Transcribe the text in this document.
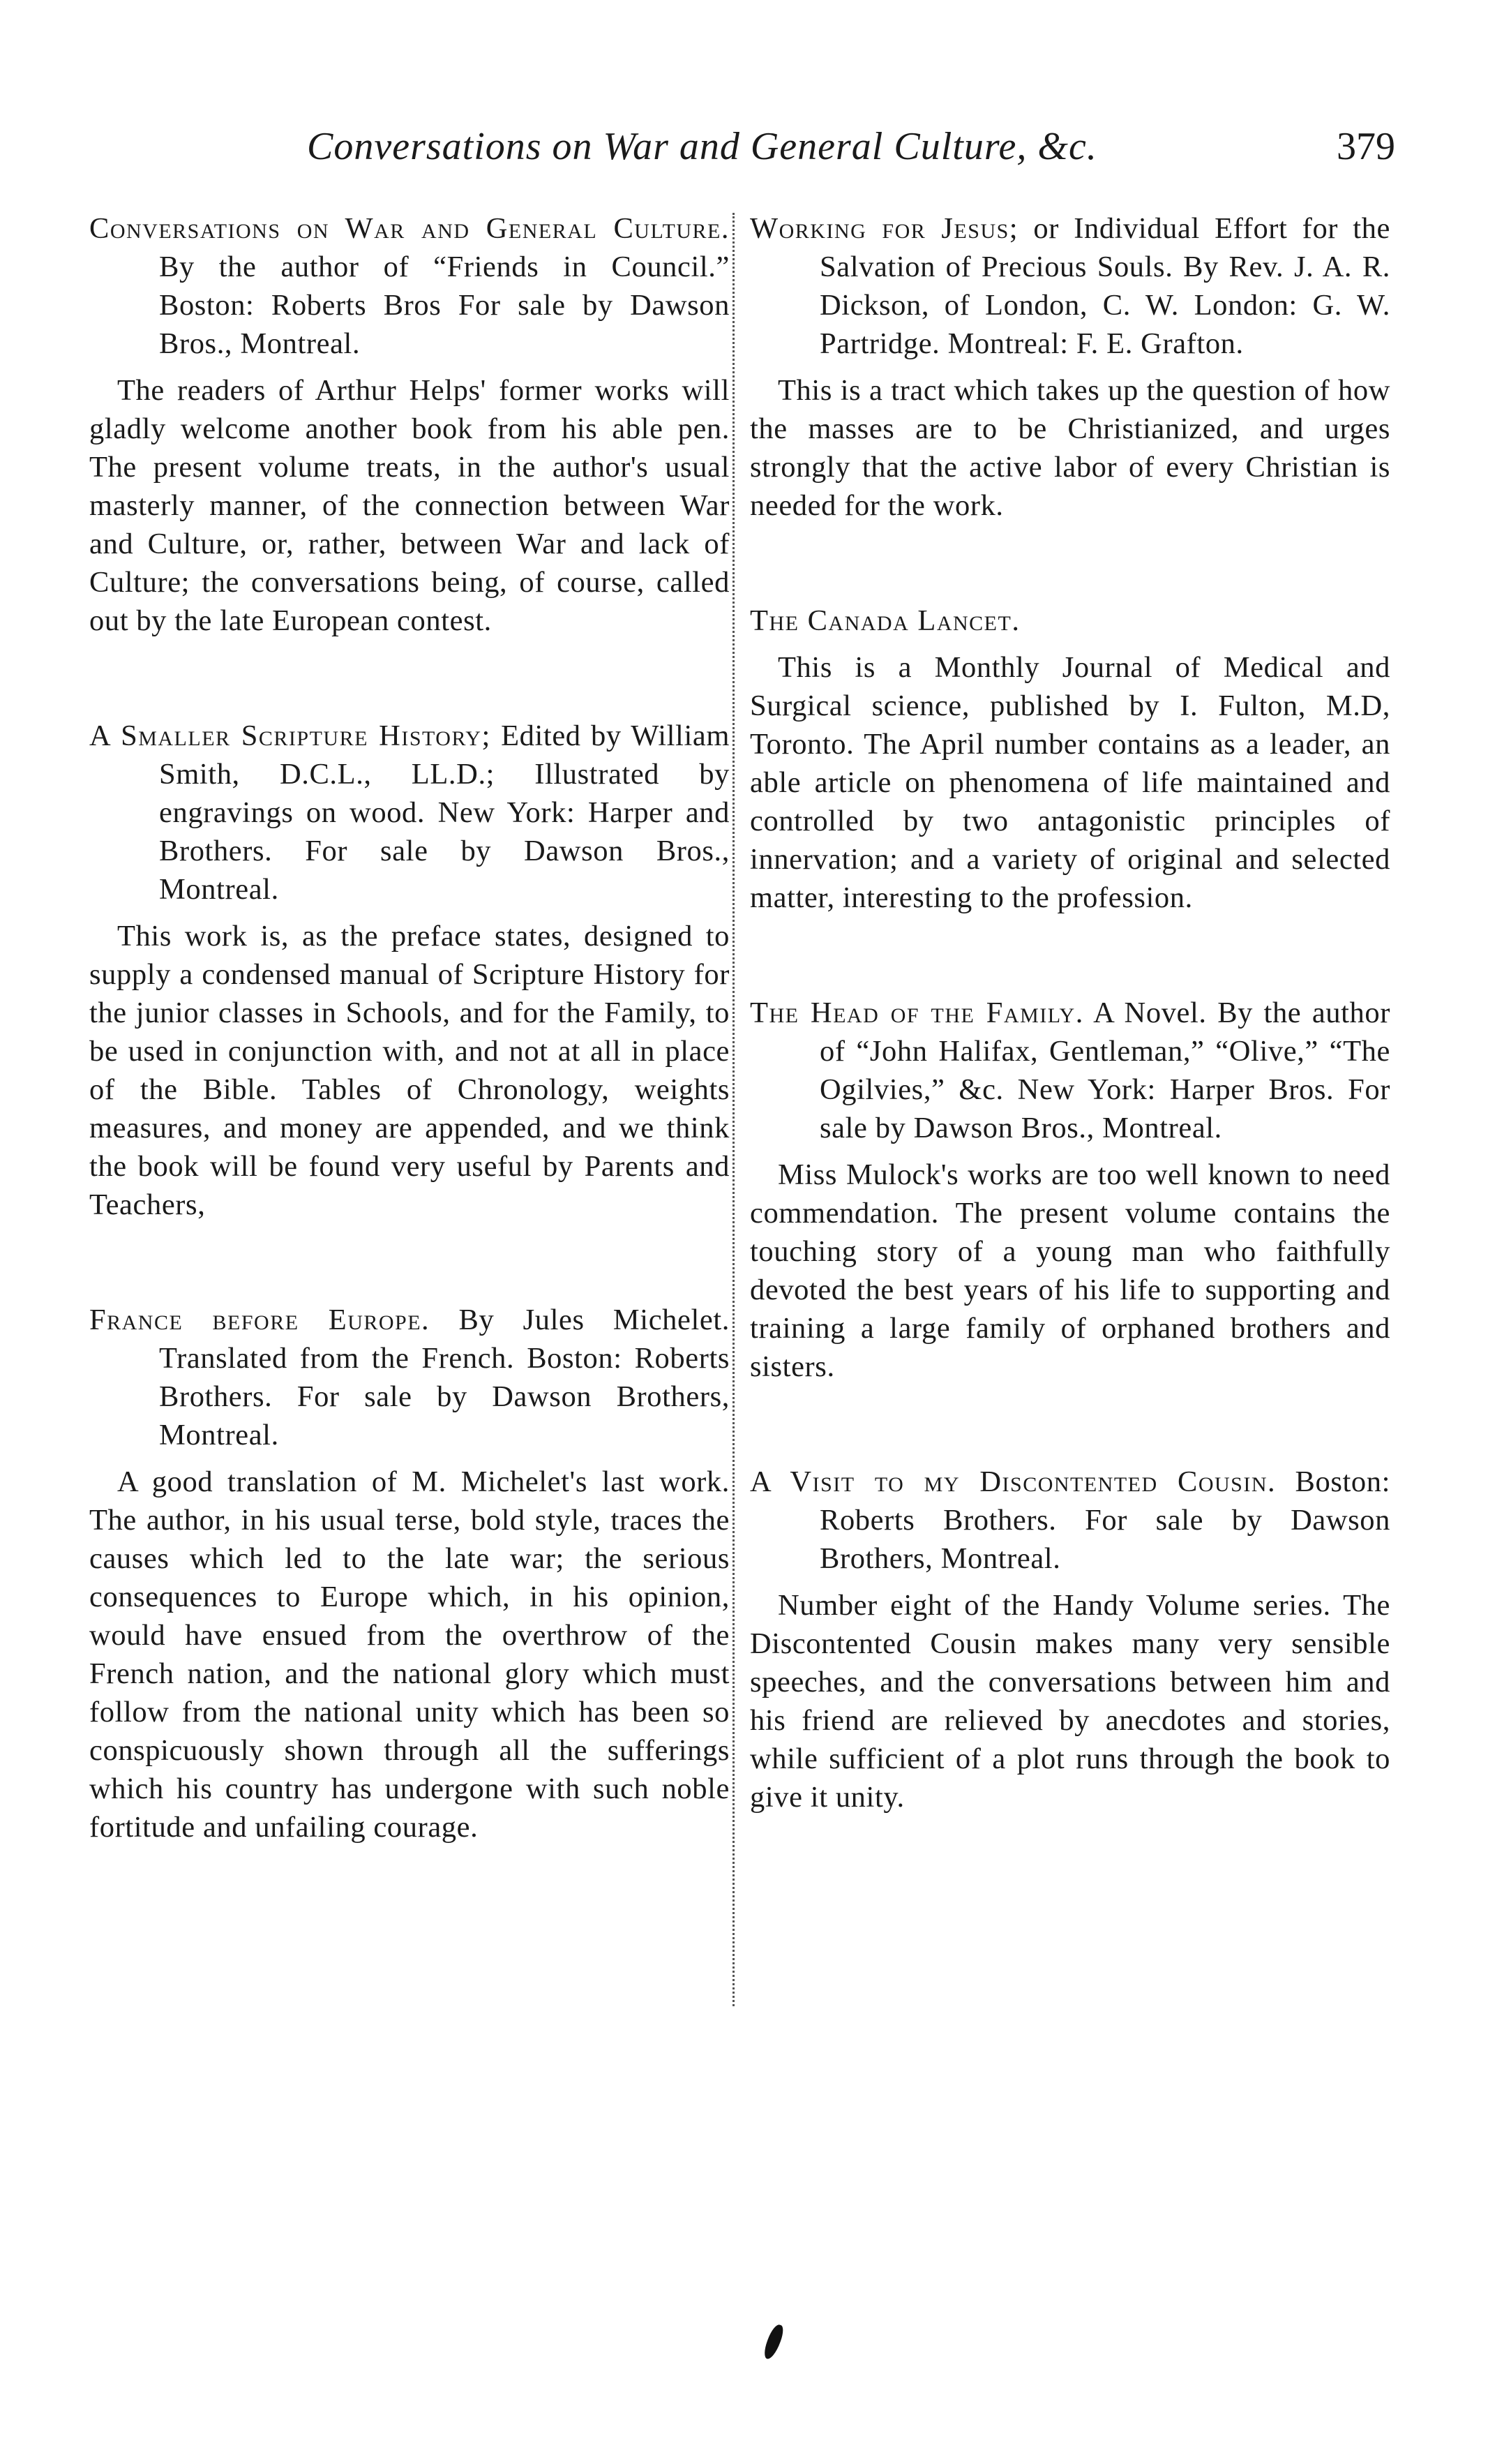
Conversations on War and General Culture, &c.	379

Conversations on War and General Culture. By the author of “Friends in Council.” Boston: Roberts Bros For sale by Dawson Bros., Montreal.

The readers of Arthur Helps' former works will gladly welcome another book from his able pen. The present volume treats, in the author's usual masterly manner, of the connection between War and Culture, or, rather, between War and lack of Culture; the conversations being, of course, called out by the late European contest.

A Smaller Scripture History; Edited by William Smith, D.C.L., LL.D.; Illustrated by engravings on wood. New York: Harper and Brothers. For sale by Dawson Bros., Montreal.

This work is, as the preface states, designed to supply a condensed manual of Scripture History for the junior classes in Schools, and for the Family, to be used in conjunction with, and not at all in place of the Bible. Tables of Chronology, weights measures, and money are appended, and we think the book will be found very useful by Parents and Teachers,

France before Europe. By Jules Michelet. Translated from the French. Boston: Roberts Brothers. For sale by Dawson Brothers, Montreal.

A good translation of M. Michelet's last work. The author, in his usual terse, bold style, traces the causes which led to the late war; the serious consequences to Europe which, in his opinion, would have ensued from the overthrow of the French nation, and the national glory which must follow from the national unity which has been so conspicuously shown through all the sufferings which his country has undergone with such noble fortitude and unfailing courage.

Working for Jesus; or Individual Effort for the Salvation of Precious Souls. By Rev. J. A. R. Dickson, of London, C. W. London: G. W. Partridge. Montreal: F. E. Grafton.

This is a tract which takes up the question of how the masses are to be Christianized, and urges strongly that the active labor of every Christian is needed for the work.

The Canada Lancet.

This is a Monthly Journal of Medical and Surgical science, published by I. Fulton, M.D, Toronto. The April number contains as a leader, an able article on phenomena of life maintained and controlled by two antagonistic principles of innervation; and a variety of original and selected matter, interesting to the profession.

The Head of the Family. A Novel. By the author of “John Halifax, Gentleman,” “Olive,” “The Ogilvies,” &c. New York: Harper Bros. For sale by Dawson Bros., Montreal.

Miss Mulock's works are too well known to need commendation. The present volume contains the touching story of a young man who faithfully devoted the best years of his life to supporting and training a large family of orphaned brothers and sisters.

A Visit to my Discontented Cousin. Boston: Roberts Brothers. For sale by Dawson Brothers, Montreal.

Number eight of the Handy Volume series. The Discontented Cousin makes many very sensible speeches, and the conversations between him and his friend are relieved by anecdotes and stories, while sufficient of a plot runs through the book to give it unity.
